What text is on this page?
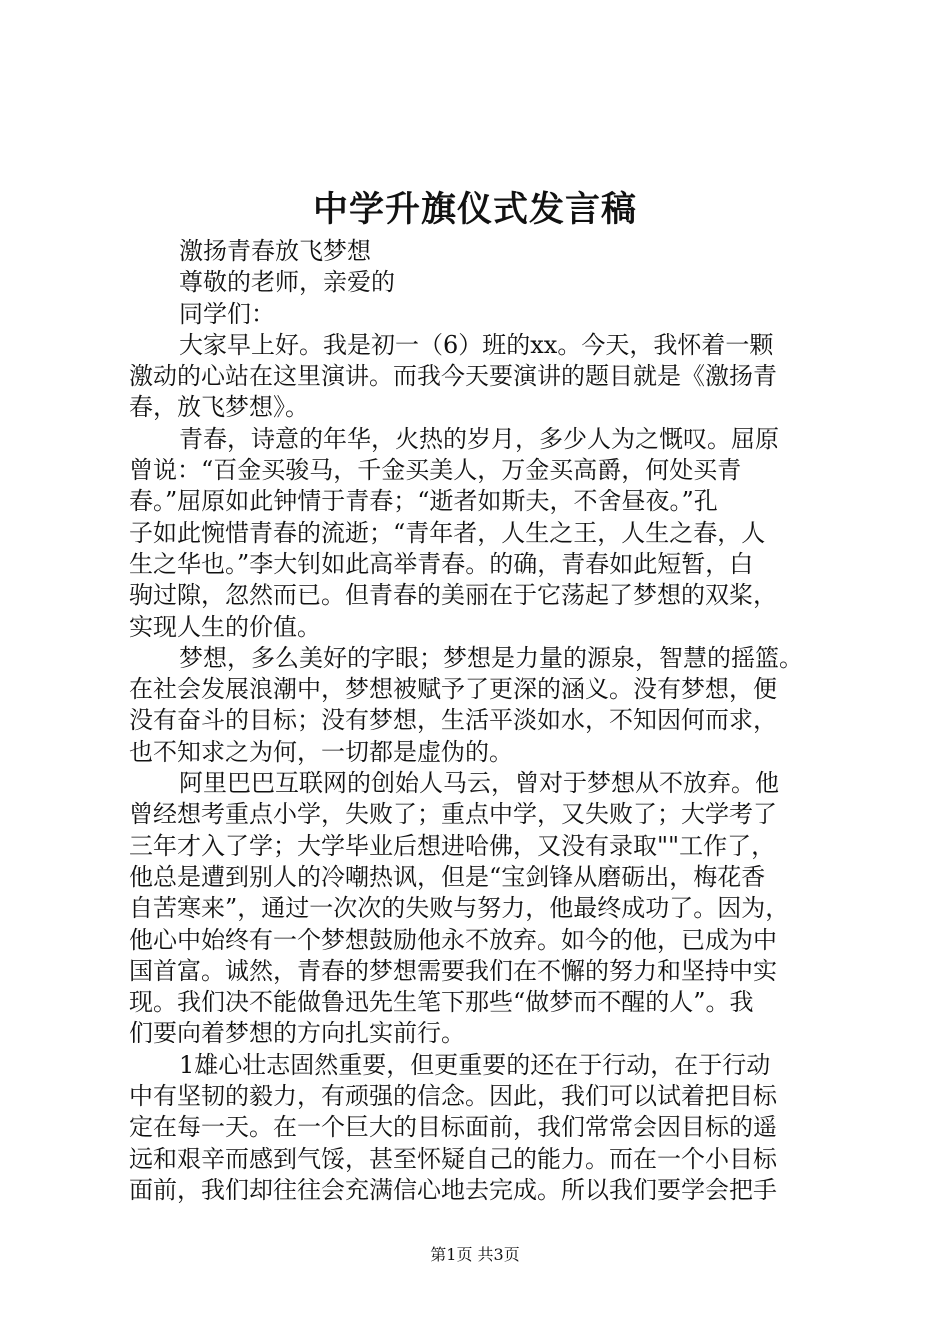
中学升旗仪式发言稿
激扬青春放飞梦想
尊敬的老师，亲爱的
同学们：
大家早上好。我是初一（6）班的xx。今天，我怀着一颗
激动的心站在这里演讲。而我今天要演讲的题目就是《激扬青
春，放飞梦想》。
青春，诗意的年华，火热的岁月，多少人为之慨叹。屈原
曾说：“百金买骏马，千金买美人，万金买高爵，何处买青
春。”屈原如此钟情于青春；“逝者如斯夫，不舍昼夜。”孔
子如此惋惜青春的流逝；“青年者，人生之王，人生之春，人
生之华也。”李大钊如此高举青春。的确，青春如此短暂，白
驹过隙，忽然而已。但青春的美丽在于它荡起了梦想的双桨，
实现人生的价值。
梦想，多么美好的字眼；梦想是力量的源泉，智慧的摇篮。
在社会发展浪潮中，梦想被赋予了更深的涵义。没有梦想，便
没有奋斗的目标；没有梦想，生活平淡如水，不知因何而求，
也不知求之为何，一切都是虚伪的。
阿里巴巴互联网的创始人马云，曾对于梦想从不放弃。他
曾经想考重点小学，失败了；重点中学，又失败了；大学考了
三年才入了学；大学毕业后想进哈佛，又没有录取""工作了，
他总是遭到别人的冷嘲热讽，但是“宝剑锋从磨砺出，梅花香
自苦寒来”，通过一次次的失败与努力，他最终成功了。因为，
他心中始终有一个梦想鼓励他永不放弃。如今的他，已成为中
国首富。诚然，青春的梦想需要我们在不懈的努力和坚持中实
现。我们决不能做鲁迅先生笔下那些“做梦而不醒的人”。我
们要向着梦想的方向扎实前行。
1雄心壮志固然重要，但更重要的还在于行动，在于行动
中有坚韧的毅力，有顽强的信念。因此，我们可以试着把目标
定在每一天。在一个巨大的目标面前，我们常常会因目标的遥
远和艰辛而感到气馁，甚至怀疑自己的能力。而在一个小目标
面前，我们却往往会充满信心地去完成。所以我们要学会把手
第1页 共3页
